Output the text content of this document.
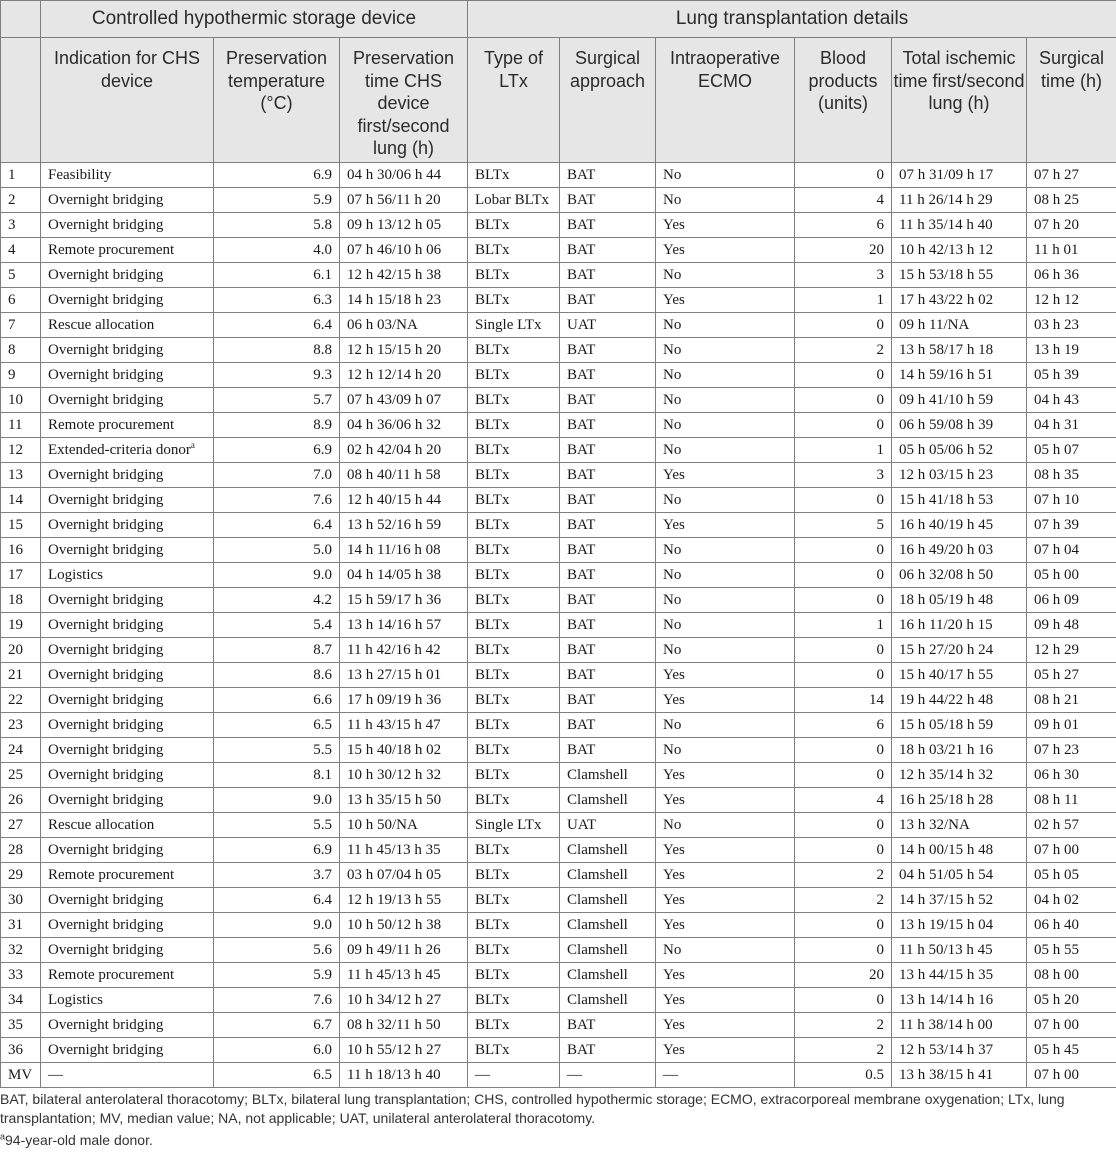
	Controlled hypothermic storage device			Lung transplantation details					
	Indication for CHS device	Preservation temperature (°C)	Preservation time CHS device first/second lung (h)	Type of LTx	Surgical approach	Intraoperative ECMO	Blood products (units)	Total ischemic time first/second lung (h)	Surgical time (h)
1	Feasibility	6.9	04 h 30/06 h 44	BLTx	BAT	No	0	07 h 31/09 h 17	07 h 27
2	Overnight bridging	5.9	07 h 56/11 h 20	Lobar BLTx	BAT	No	4	11 h 26/14 h 29	08 h 25
3	Overnight bridging	5.8	09 h 13/12 h 05	BLTx	BAT	Yes	6	11 h 35/14 h 40	07 h 20
4	Remote procurement	4.0	07 h 46/10 h 06	BLTx	BAT	Yes	20	10 h 42/13 h 12	11 h 01
5	Overnight bridging	6.1	12 h 42/15 h 38	BLTx	BAT	No	3	15 h 53/18 h 55	06 h 36
6	Overnight bridging	6.3	14 h 15/18 h 23	BLTx	BAT	Yes	1	17 h 43/22 h 02	12 h 12
7	Rescue allocation	6.4	06 h 03/NA	Single LTx	UAT	No	0	09 h 11/NA	03 h 23
8	Overnight bridging	8.8	12 h 15/15 h 20	BLTx	BAT	No	2	13 h 58/17 h 18	13 h 19
9	Overnight bridging	9.3	12 h 12/14 h 20	BLTx	BAT	No	0	14 h 59/16 h 51	05 h 39
10	Overnight bridging	5.7	07 h 43/09 h 07	BLTx	BAT	No	0	09 h 41/10 h 59	04 h 43
11	Remote procurement	8.9	04 h 36/06 h 32	BLTx	BAT	No	0	06 h 59/08 h 39	04 h 31
12	Extended-criteria donor$^a$	6.9	02 h 42/04 h 20	BLTx	BAT	No	1	05 h 05/06 h 52	05 h 07
13	Overnight bridging	7.0	08 h 40/11 h 58	BLTx	BAT	Yes	3	12 h 03/15 h 23	08 h 35
14	Overnight bridging	7.6	12 h 40/15 h 44	BLTx	BAT	No	0	15 h 41/18 h 53	07 h 10
15	Overnight bridging	6.4	13 h 52/16 h 59	BLTx	BAT	Yes	5	16 h 40/19 h 45	07 h 39
16	Overnight bridging	5.0	14 h 11/16 h 08	BLTx	BAT	No	0	16 h 49/20 h 03	07 h 04
17	Logistics	9.0	04 h 14/05 h 38	BLTx	BAT	No	0	06 h 32/08 h 50	05 h 00
18	Overnight bridging	4.2	15 h 59/17 h 36	BLTx	BAT	No	0	18 h 05/19 h 48	06 h 09
19	Overnight bridging	5.4	13 h 14/16 h 57	BLTx	BAT	No	1	16 h 11/20 h 15	09 h 48
20	Overnight bridging	8.7	11 h 42/16 h 42	BLTx	BAT	No	0	15 h 27/20 h 24	12 h 29
21	Overnight bridging	8.6	13 h 27/15 h 01	BLTx	BAT	Yes	0	15 h 40/17 h 55	05 h 27
22	Overnight bridging	6.6	17 h 09/19 h 36	BLTx	BAT	Yes	14	19 h 44/22 h 48	08 h 21
23	Overnight bridging	6.5	11 h 43/15 h 47	BLTx	BAT	No	6	15 h 05/18 h 59	09 h 01
24	Overnight bridging	5.5	15 h 40/18 h 02	BLTx	BAT	No	0	18 h 03/21 h 16	07 h 23
25	Overnight bridging	8.1	10 h 30/12 h 32	BLTx	Clamshell	Yes	0	12 h 35/14 h 32	06 h 30
26	Overnight bridging	9.0	13 h 35/15 h 50	BLTx	Clamshell	Yes	4	16 h 25/18 h 28	08 h 11
27	Rescue allocation	5.5	10 h 50/NA	Single LTx	UAT	No	0	13 h 32/NA	02 h 57
28	Overnight bridging	6.9	11 h 45/13 h 35	BLTx	Clamshell	Yes	0	14 h 00/15 h 48	07 h 00
29	Remote procurement	3.7	03 h 07/04 h 05	BLTx	Clamshell	Yes	2	04 h 51/05 h 54	05 h 05
30	Overnight bridging	6.4	12 h 19/13 h 55	BLTx	Clamshell	Yes	2	14 h 37/15 h 52	04 h 02
31	Overnight bridging	9.0	10 h 50/12 h 38	BLTx	Clamshell	Yes	0	13 h 19/15 h 04	06 h 40
32	Overnight bridging	5.6	09 h 49/11 h 26	BLTx	Clamshell	No	0	11 h 50/13 h 45	05 h 55
33	Remote procurement	5.9	11 h 45/13 h 45	BLTx	Clamshell	Yes	20	13 h 44/15 h 35	08 h 00
34	Logistics	7.6	10 h 34/12 h 27	BLTx	Clamshell	Yes	0	13 h 14/14 h 16	05 h 20
35	Overnight bridging	6.7	08 h 32/11 h 50	BLTx	BAT	Yes	2	11 h 38/14 h 00	07 h 00
36	Overnight bridging	6.0	10 h 55/12 h 27	BLTx	BAT	Yes	2	12 h 53/14 h 37	05 h 45
MV	—	6.5	11 h 18/13 h 40	—	—	—	0.5	13 h 38/15 h 41	07 h 00
BAT, bilateral anterolateral thoracotomy; BLTx, bilateral lung transplantation; CHS, controlled hypothermic storage; ECMO, extracorporeal membrane oxygenation; LTx, lung transplantation; MV, median value; NA, not applicable; UAT, unilateral anterolateral thoracotomy.
$^a$94-year-old male donor.
